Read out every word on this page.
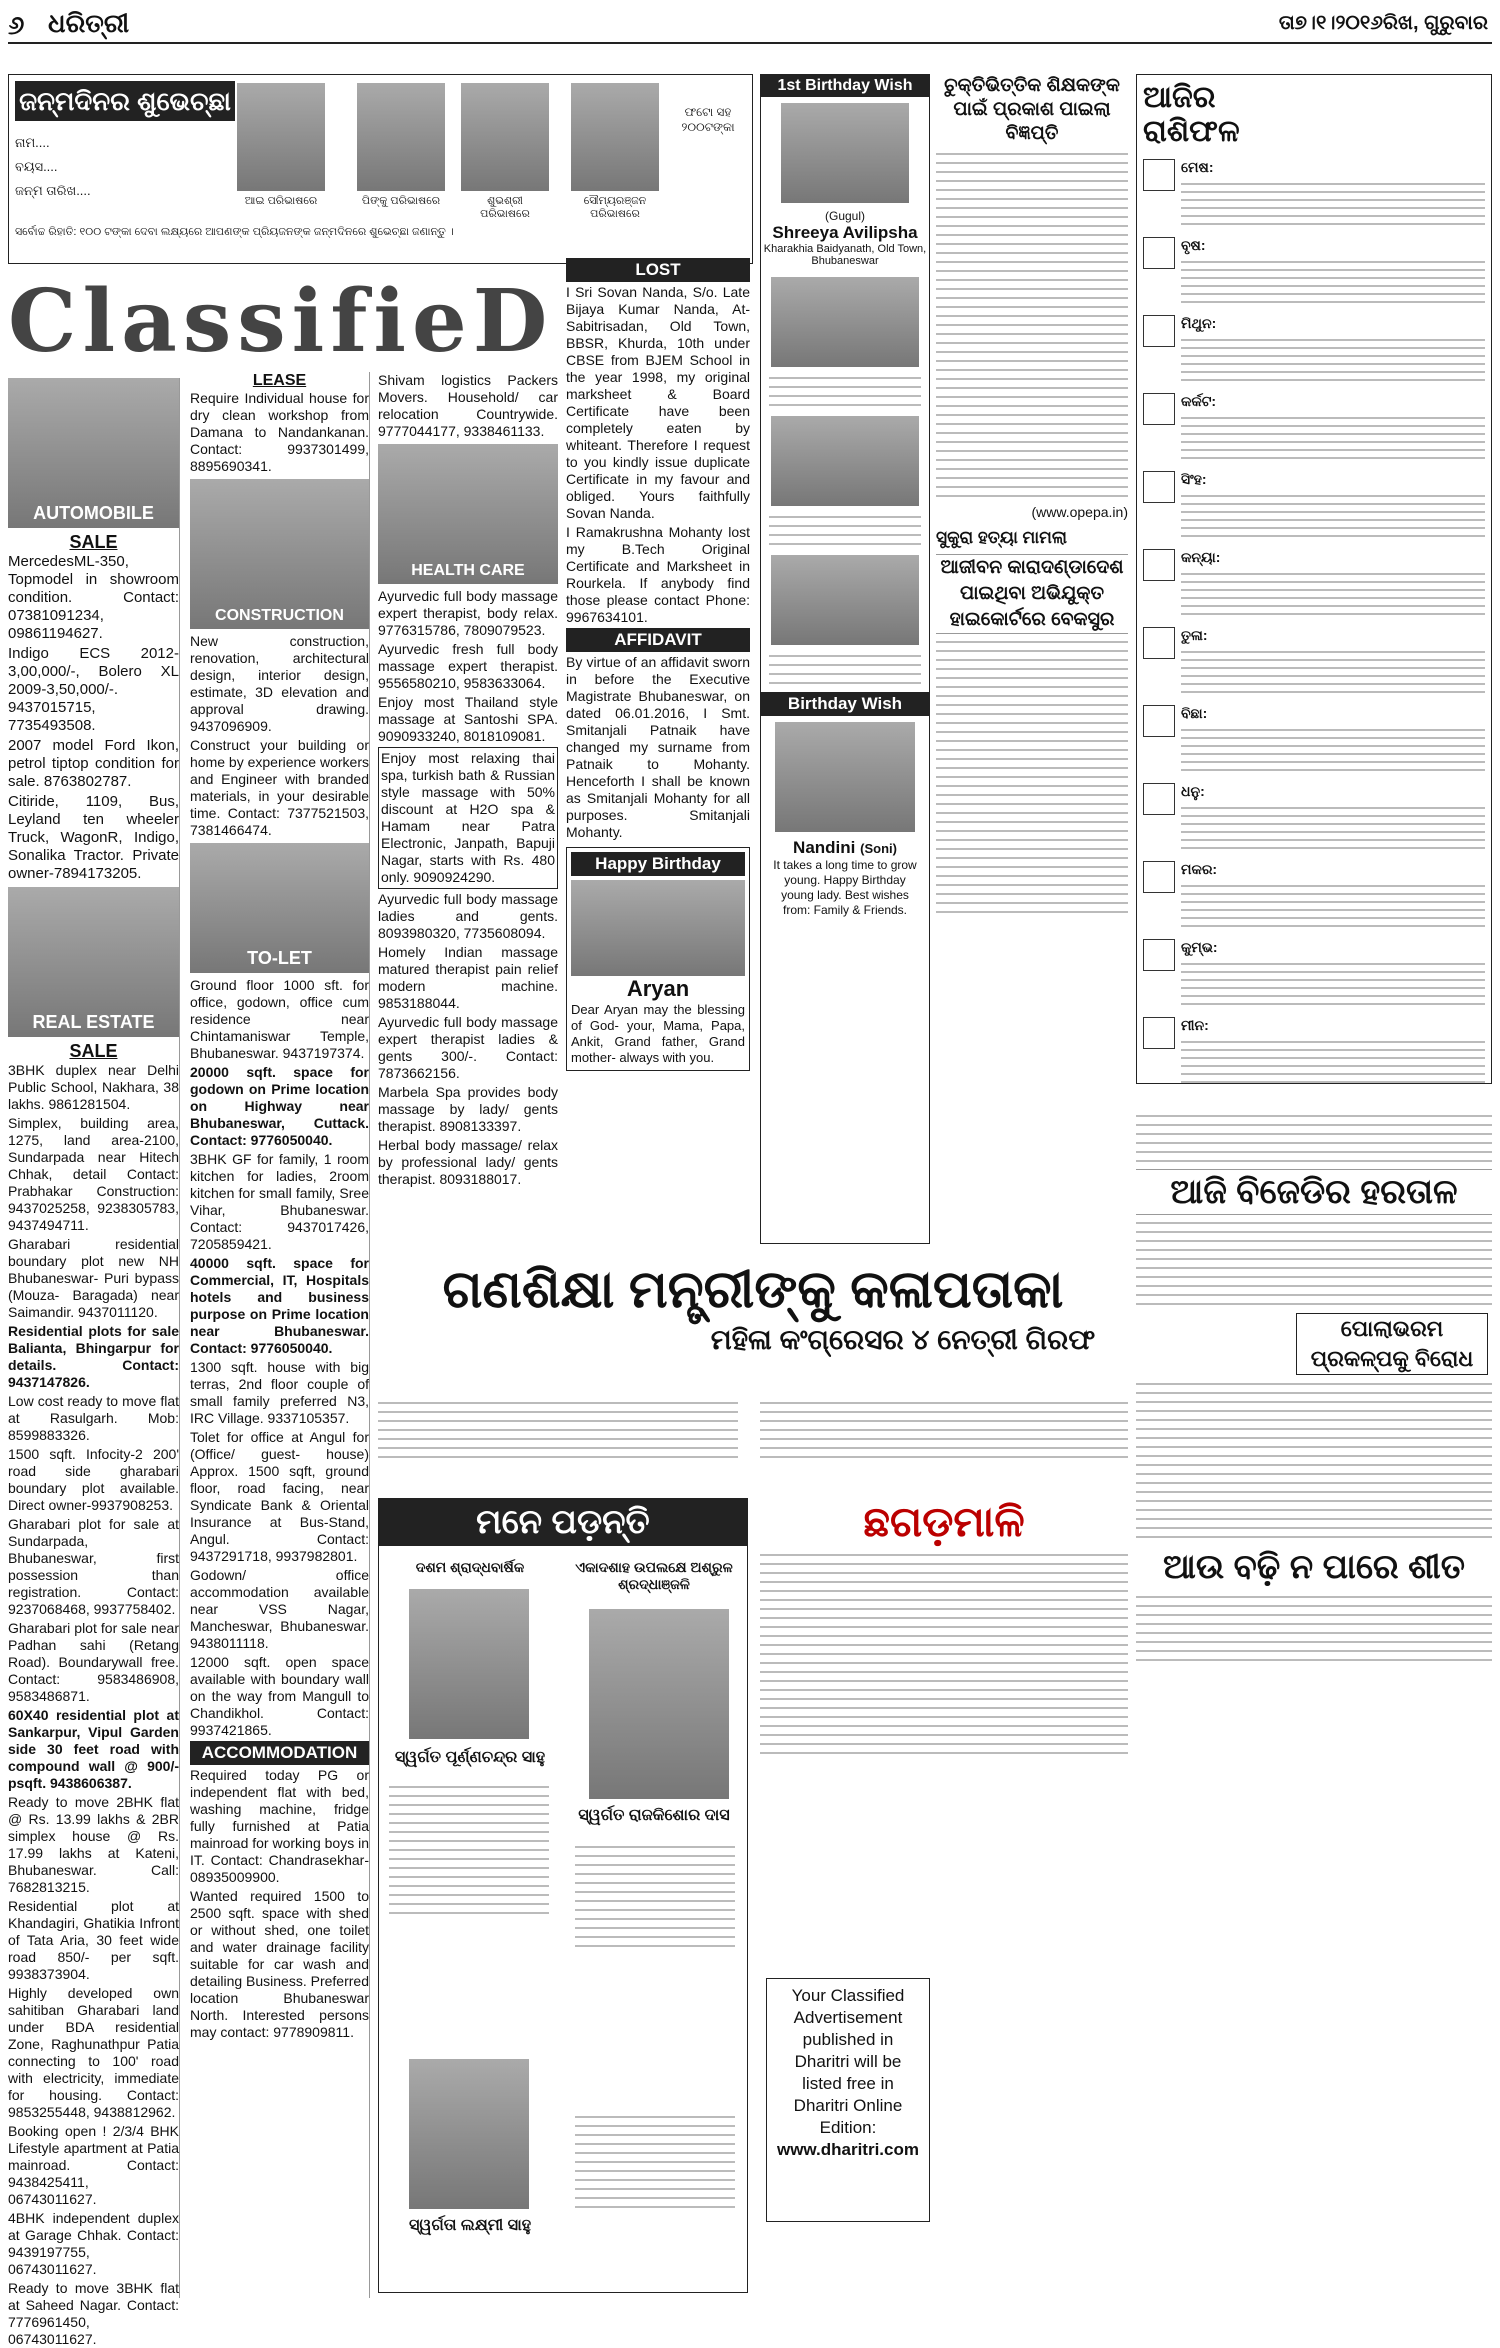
୬ ଧରିତ୍ରୀ	ତା୭।୧।୨୦୧୬ରିଖ, ଗୁରୁବାର
ଜନ୍ମଦିନର ଶୁଭେଚ୍ଛା
ନାମ....
ବୟସ....
ଜନ୍ମ ତାରିଖ....
ଆଇ ପରିଭାଷରେ	ପିଙ୍କୁ ପରିଭାଷରେ	ଶୁଭଶ୍ରୀ ପରିଭାଷରେ
ସୌମ୍ୟରଞ୍ଜନ ପରିଭାଷରେ
ଫଟୋ ସହ ୨୦୦ଟଙ୍କା
ସର୍ବୋଚ୍ଚ ରିହାତି: ୧୦୦ ଟଙ୍କା ଦେବା ଲକ୍ଷ୍ୟରେ ଆପଣଙ୍କ ପ୍ରିୟଜନଙ୍କ ଜନ୍ମଦିନରେ ଶୁଭେଚ୍ଛା ଜଣାନ୍ତୁ ।
ClassifieD
AUTOMOBILE
SALE

MercedesML-350, Topmodel in showroom condition. Contact: 07381091234, 09861194627.

Indigo ECS 2012-3,00,000/-, Bolero XL 2009-3,50,000/-. 9437015715, 7735493508.

2007 model Ford Ikon, petrol tiptop condition for sale. 8763802787.

Citiride, 1109, Bus, Leyland ten wheeler Truck, WagonR, Indigo, Sonalika Tractor. Private owner-7894173205.

REAL ESTATE
SALE

3BHK duplex near Delhi Public School, Nakhara, 38 lakhs. 9861281504.

Simplex, building area, 1275, land area-2100, Sundarpada near Hitech Chhak, detail Contact: Prabhakar Construction: 9437025258, 9238305783, 9437494711.

Gharabari residential boundary plot new NH Bhubaneswar- Puri bypass (Mouza- Baragada) near Saimandir. 9437011120.

Residential plots for sale Balianta, Bhingarpur for details. Contact: 9437147826.

Low cost ready to move flat at Rasulgarh. Mob: 8599883326.

1500 sqft. Infocity-2 200' road side gharabari boundary plot available. Direct owner-9937908253.

Gharabari plot for sale at Sundarpada, Bhubaneswar, first possession than registration. Contact: 9237068468, 9937758402.

Gharabari plot for sale near Padhan sahi (Retang Road). Boundarywall free. Contact: 9583486908, 9583486871.

60X40 residential plot at Sankarpur, Vipul Garden side 30 feet road with compound wall @ 900/-psqft. 9438606387.

Ready to move 2BHK flat @ Rs. 13.99 lakhs & 2BR simplex house @ Rs. 17.99 lakhs at Kateni, Bhubaneswar. Call: 7682813215.

Residential plot at Khandagiri, Ghatikia Infront of Tata Aria, 30 feet wide road 850/- per sqft. 9938373904.

Highly developed own sahitiban Gharabari land under BDA residential Zone, Raghunathpur Patia connecting to 100' road with electricity, immediate for housing. Contact: 9853255448, 9438812962.

Booking open ! 2/3/4 BHK Lifestyle apartment at Patia mainroad. Contact: 9438425411, 06743011627.

4BHK independent duplex at Garage Chhak. Contact: 9439197755, 06743011627.

Ready to move 3BHK flat at Saheed Nagar. Contact: 7776961450, 06743011627.

LEASE

Require Individual house for dry clean workshop from Damana to Nandankanan. Contact: 9937301499, 8895690341.

CONSTRUCTION

New construction, renovation, architectural design, interior design, estimate, 3D elevation and approval drawing. 9437096909.

Construct your building or home by experience workers and Engineer with branded materials, in your desirable time. Contact: 7377521503, 7381466474.

TO-LET

Ground floor 1000 sft. for office, godown, office cum residence near Chintamaniswar Temple, Bhubaneswar. 9437197374.

20000 sqft. space for godown on Prime location on Highway near Bhubaneswar, Cuttack. Contact: 9776050040.

3BHK GF for family, 1 room kitchen for ladies, 2room kitchen for small family, Sree Vihar, Bhubaneswar. Contact: 9437017426, 7205859421.

40000 sqft. space for Commercial, IT, Hospitals hotels and business purpose on Prime location near Bhubaneswar. Contact: 9776050040.

1300 sqft. house with big terras, 2nd floor couple of small family preferred N3, IRC Village. 9337105357.

Tolet for office at Angul for (Office/ guest- house) Approx. 1500 sqft, ground floor, road facing, near Syndicate Bank & Oriental Insurance at Bus-Stand, Angul. Contact: 9437291718, 9937982801.

Godown/ office accommodation available near VSS Nagar, Mancheswar, Bhubaneswar. 9438011118.

12000 sqft. open space available with boundary wall on the way from Mangull to Chandikhol. Contact: 9937421865.

ACCOMMODATION

Required today PG or independent flat with bed, washing machine, fridge fully furnished at Patia mainroad for working boys in IT. Contact: Chandrasekhar-08935009900.

Wanted required 1500 to 2500 sqft. space with shed or without shed, one toilet and water drainage facility suitable for car wash and detailing Business. Preferred location Bhubaneswar North. Interested persons may contact: 9778909811.

Shivam logistics Packers Movers. Household/ car relocation Countrywide. 9777044177, 9338461133.

HEALTH CARE

Ayurvedic full body massage expert therapist, body relax. 9776315786, 7809079523.

Ayurvedic fresh full body massage expert therapist. 9556580210, 9583633064.

Enjoy most Thailand style massage at Santoshi SPA. 9090933240, 8018109081.

Enjoy most relaxing thai spa, turkish bath & Russian style massage with 50% discount at H2O spa & Hamam near Patra Electronic, Janpath, Bapuji Nagar, starts with Rs. 480 only. 9090924290.

Ayurvedic full body massage ladies and gents. 8093980320, 7735608094.

Homely Indian massage matured therapist pain relief modern machine. 9853188044.

Ayurvedic full body massage expert therapist ladies & gents 300/-. Contact: 7873662156.

Marbela Spa provides body massage by lady/ gents therapist. 8908133397.

Herbal body massage/ relax by professional lady/ gents therapist. 8093188017.

LOST

I Sri Sovan Nanda, S/o. Late Bijaya Kumar Nanda, At- Sabitrisadan, Old Town, BBSR, Khurda, 10th under CBSE from BJEM School in the year 1998, my original marksheet & Board Certificate have been completely eaten by whiteant. Therefore I request to you kindly issue duplicate Certificate in my favour and obliged. Yours faithfully Sovan Nanda.

I Ramakrushna Mohanty lost my B.Tech Original Certificate and Marksheet in Rourkela. If anybody find those please contact Phone: 9967634101.

AFFIDAVIT

By virtue of an affidavit sworn in before the Executive Magistrate Bhubaneswar, on dated 06.01.2016, I Smt. Smitanjali Patnaik have changed my surname from Patnaik to Mohanty. Henceforth I shall be known as Smitanjali Mohanty for all purposes. Smitanjali Mohanty.

Happy Birthday
Aryan
Dear Aryan may the blessing of God- your, Mama, Papa, Ankit, Grand father, Grand mother- always with you.
1st Birthday Wish
(Gugul)
Shreeya Avilipsha
Kharakhia Baidyanath, Old Town, Bhubaneswar
Birthday Wish
Nandini (Soni)
It takes a long time to grow young. Happy Birthday young lady. Best wishes from: Family & Friends.
ଚୁକ୍ତିଭିତ୍ତିକ ଶିକ୍ଷକଙ୍କ ପାଇଁ ପ୍ରକାଶ ପାଇଲା ବିଜ୍ଞପ୍ତି
(www.opepa.in)
ସୁକୁରା ହତ୍ୟା ମାମଲା
ଆଜୀବନ କାରାଦଣ୍ଡାଦେଶ ପାଇଥିବା ଅଭିଯୁକ୍ତ ହାଇକୋର୍ଟରେ ବେକସୁର
ଆଜିର ରାଶିଫଳ
ମେଷ:
ବୃଷ:
ମିଥୁନ:
କର୍କଟ:
ସିଂହ:
କନ୍ୟା:
ତୁଳା:
ବିଛା:
ଧନୁ:
ମକର:
କୁମ୍ଭ:
ମୀନ:
ଗଣଶିକ୍ଷା ମନ୍ତ୍ରୀଙ୍କୁ କଳାପତାକା
ମହିଳା କଂଗ୍ରେସର ୪ ନେତ୍ରୀ ଗିରଫ
ମନେ ପଡ଼ନ୍ତି
ଦଶମ ଶ୍ରାଦ୍ଧବାର୍ଷିକ	ଏକାଦଶାହ ଉପଲକ୍ଷେ ଅଶ୍ରୁଳ ଶ୍ରଦ୍ଧାଞ୍ଜଳି
ସ୍ୱର୍ଗତ ପୂର୍ଣ୍ଣଚନ୍ଦ୍ର ସାହୁ
ସ୍ୱର୍ଗତ ରାଜକିଶୋର ଦାସ
ସ୍ୱର୍ଗତା ଲକ୍ଷ୍ମୀ ସାହୁ
ଛଗଡ଼ମାଳି
Your Classified Advertisement published in Dharitri will be listed free in Dharitri Online Edition:
www.dharitri.com
ଆଜି ବିଜେଡିର ହରତାଳ
ପୋଲାଭରମ ପ୍ରକଳ୍ପକୁ ବିରୋଧ
ଆଉ ବଢ଼ି ନ ପାରେ ଶୀତ
